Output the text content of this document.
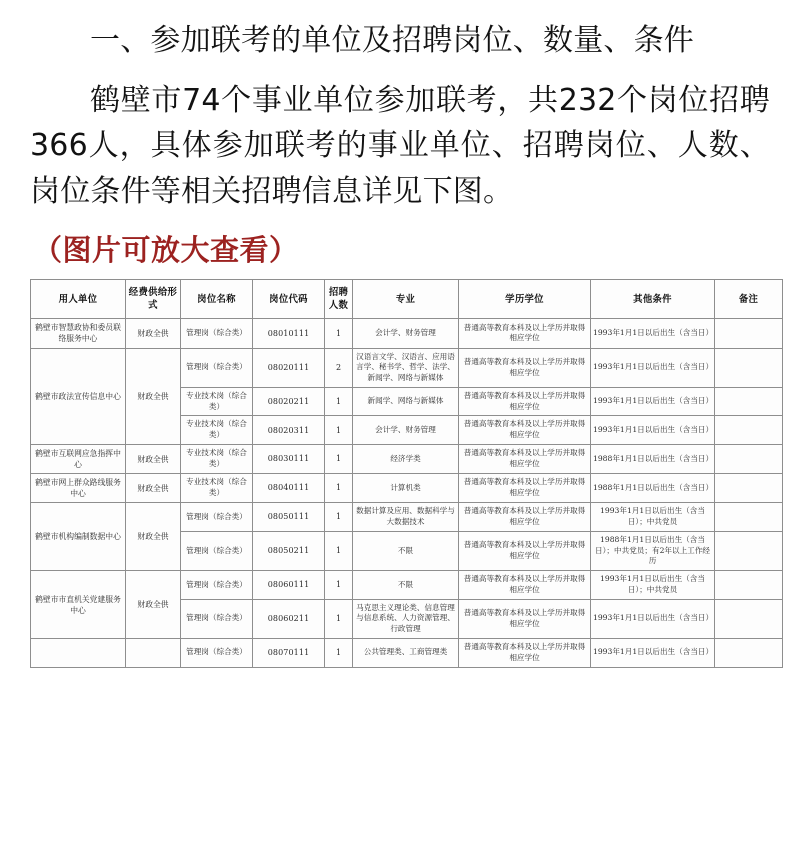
一、参加联考的单位及招聘岗位、数量、条件

鹤壁市74个事业单位参加联考，共232个岗位招聘366人，具体参加联考的事业单位、招聘岗位、人数、岗位条件等相关招聘信息详见下图。

（图片可放大查看）

用人单位	经费供给形式	岗位名称	岗位代码	招聘人数	专业	学历学位	其他条件	备注
鹤壁市智慧政协和委员联络服务中心	财政全供	管理岗（综合类）	08010111	1	会计学、财务管理	普通高等教育本科及以上学历并取得相应学位	1993年1月1日以后出生（含当日）	
鹤壁市政法宣传信息中心	财政全供	管理岗（综合类）	08020111	2	汉语言文学、汉语言、应用语言学、秘书学、哲学、法学、新闻学、网络与新媒体	普通高等教育本科及以上学历并取得相应学位	1993年1月1日以后出生（含当日）	
		专业技术岗（综合类）	08020211	1	新闻学、网络与新媒体	普通高等教育本科及以上学历并取得相应学位	1993年1月1日以后出生（含当日）	
		专业技术岗（综合类）	08020311	1	会计学、财务管理	普通高等教育本科及以上学历并取得相应学位	1993年1月1日以后出生（含当日）	
鹤壁市互联网应急指挥中心	财政全供	专业技术岗（综合类）	08030111	1	经济学类	普通高等教育本科及以上学历并取得相应学位	1988年1月1日以后出生（含当日）	
鹤壁市网上群众路线服务中心	财政全供	专业技术岗（综合类）	08040111	1	计算机类	普通高等教育本科及以上学历并取得相应学位	1988年1月1日以后出生（含当日）	
鹤壁市机构编制数据中心	财政全供	管理岗（综合类）	08050111	1	数据计算及应用、数据科学与大数据技术	普通高等教育本科及以上学历并取得相应学位	1993年1月1日以后出生（含当日）；中共党员	
		管理岗（综合类）	08050211	1	不限	普通高等教育本科及以上学历并取得相应学位	1988年1月1日以后出生（含当日）；中共党员；有2年以上工作经历	
鹤壁市市直机关党建服务中心	财政全供	管理岗（综合类）	08060111	1	不限	普通高等教育本科及以上学历并取得相应学位	1993年1月1日以后出生（含当日）；中共党员	
		管理岗（综合类）	08060211	1	马克思主义理论类、信息管理与信息系统、人力资源管理、行政管理	普通高等教育本科及以上学历并取得相应学位	1993年1月1日以后出生（含当日）	
		管理岗（综合类）	08070111	1	公共管理类、工商管理类	普通高等教育本科及以上学历并取得相应学位	1993年1月1日以后出生（含当日）	
